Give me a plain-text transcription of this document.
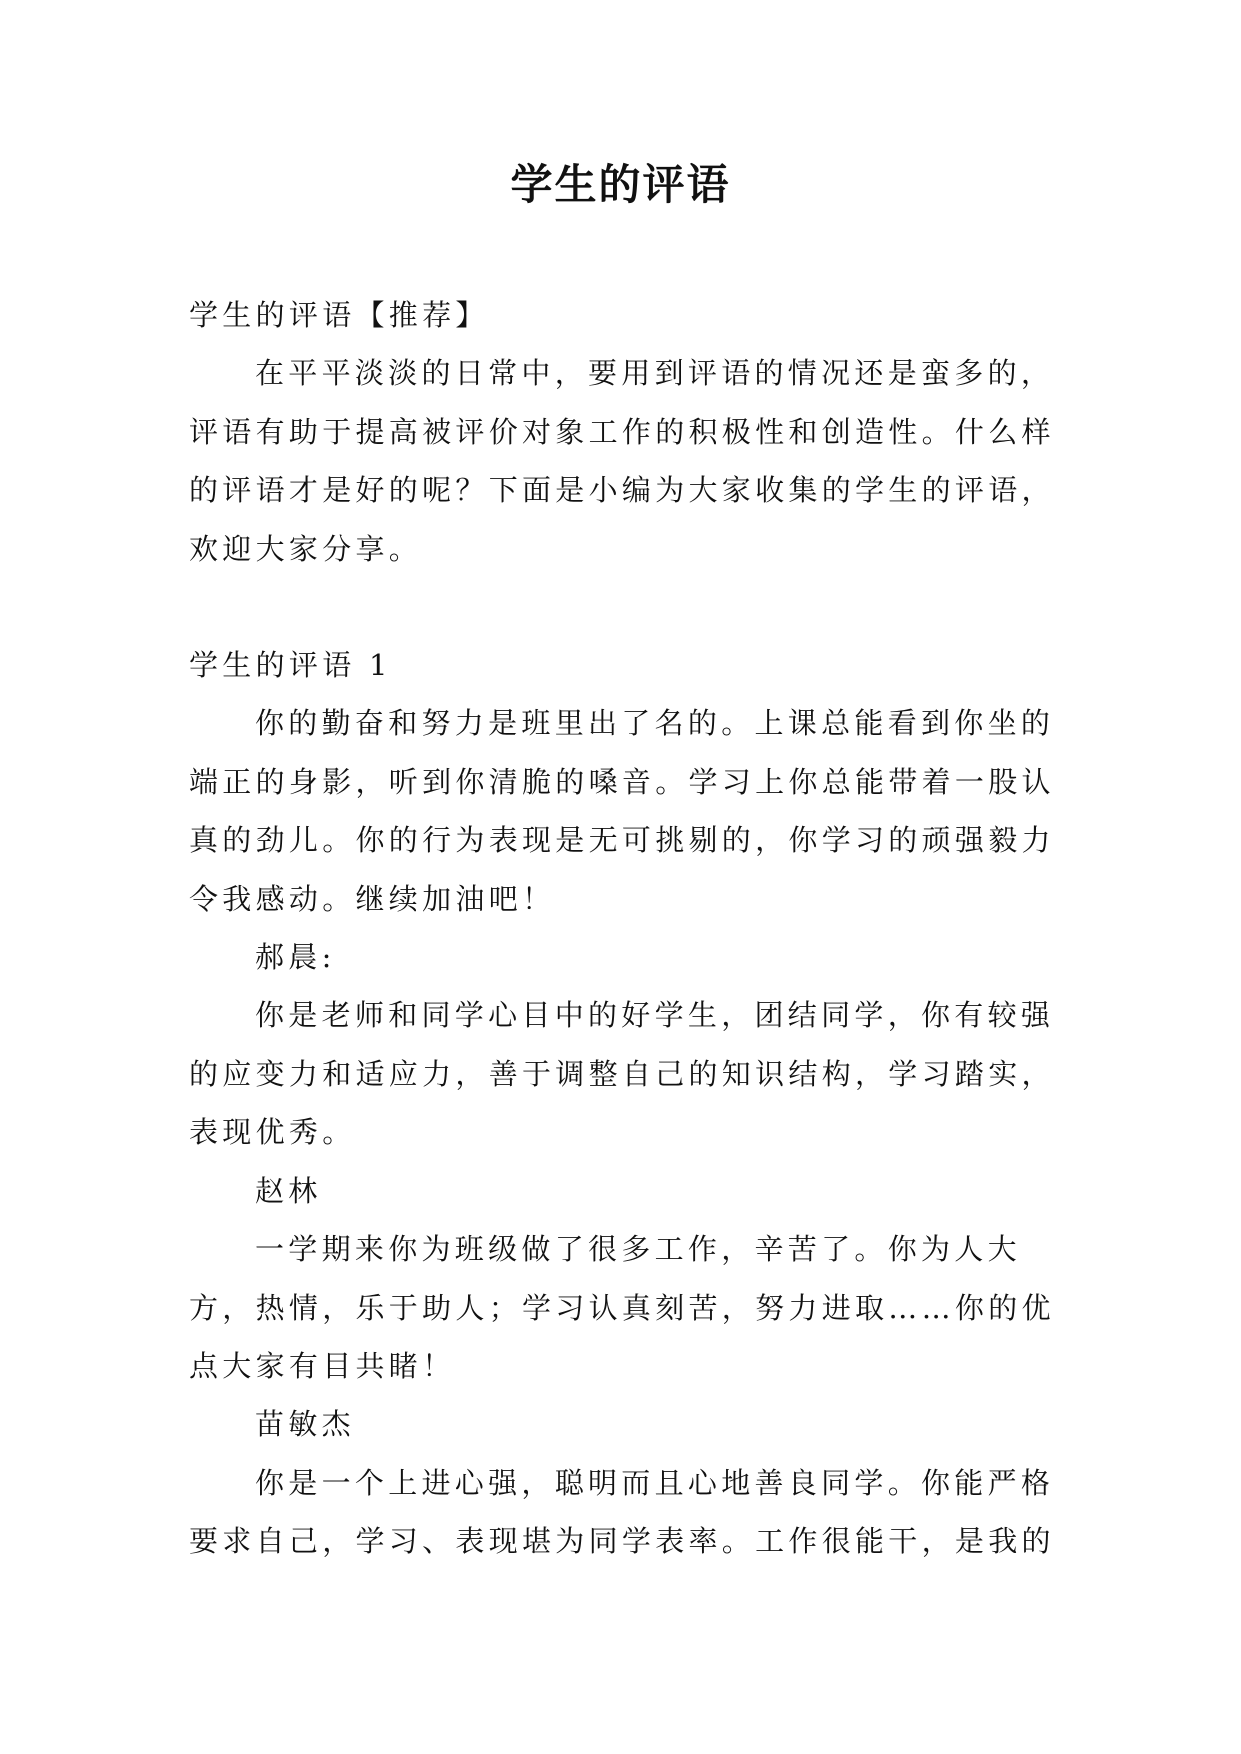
学生的评语

学生的评语【推荐】

在平平淡淡的日常中，要用到评语的情况还是蛮多的，评语有助于提高被评价对象工作的积极性和创造性。什么样的评语才是好的呢？下面是小编为大家收集的学生的评语，欢迎大家分享。

学生的评语 1

你的勤奋和努力是班里出了名的。上课总能看到你坐的端正的身影，听到你清脆的嗓音。学习上你总能带着一股认真的劲儿。你的行为表现是无可挑剔的，你学习的顽强毅力令我感动。继续加油吧！

郝晨:

你是老师和同学心目中的好学生，团结同学，你有较强的应变力和适应力，善于调整自己的知识结构，学习踏实，表现优秀。

赵林

一学期来你为班级做了很多工作，辛苦了。你为人大方，热情，乐于助人；学习认真刻苦，努力进取……你的优点大家有目共睹！

苗敏杰

你是一个上进心强，聪明而且心地善良同学。你能严格要求自己，学习、表现堪为同学表率。工作很能干，是我的
